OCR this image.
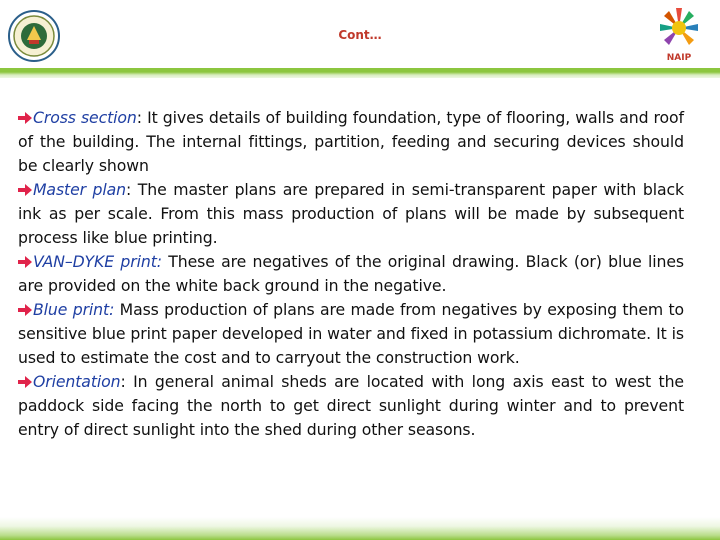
Cont…
NAIP

Cross section: It gives details of building foundation, type of flooring, walls and roof of the building. The internal fittings, partition, feeding and securing devices should be clearly shown

Master plan: The master plans are prepared in semi-transparent paper with black ink as per scale. From this mass production of plans will be made by subsequent process like blue printing.

VAN–DYKE print: These are negatives of the original drawing. Black (or) blue lines are provided on the white back ground in the negative.

Blue print: Mass production of plans are made from negatives by exposing them to sensitive blue print paper developed in water and fixed in potassium dichromate. It is used to estimate the cost and to carryout the construction work.

Orientation: In general animal sheds are located with long axis east to west the paddock side facing the north to get direct sunlight during winter and to prevent entry of direct sunlight into the shed during other seasons.
